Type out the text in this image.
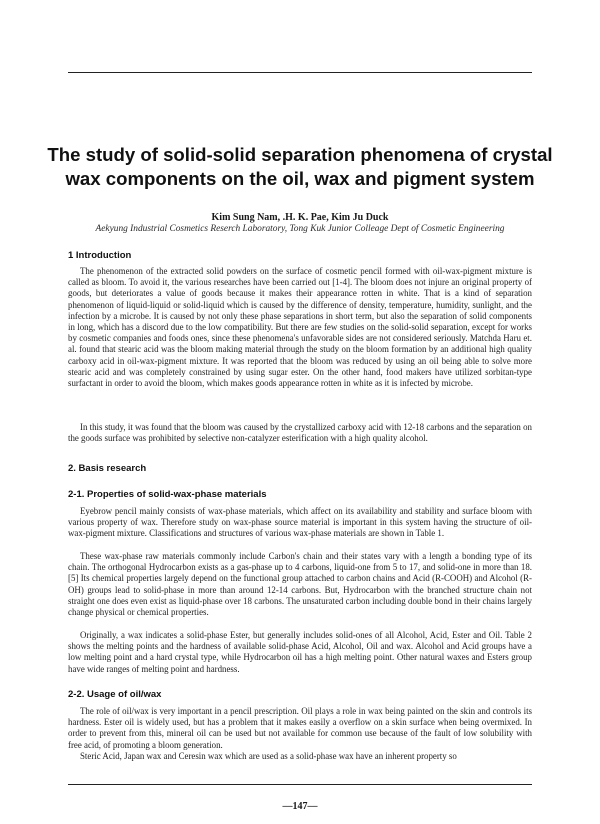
The study of solid-solid separation phenomena of crystal
wax components on the oil, wax and pigment system

Kim Sung Nam, .H. K. Pae, Kim Ju Duck

Aekyung Industrial Cosmetics Reserch Laboratory, Tong Kuk Junior Colleage Dept of Cosmetic Engineering

1 Introduction

The phenomenon of the extracted solid powders on the surface of cosmetic pencil formed with oil-wax-pigment mixture is called as bloom. To avoid it, the various researches have been carried out [1-4]. The bloom does not injure an original property of goods, but deteriorates a value of goods because it makes their appearance rotten in white. That is a kind of separation phenomenon of liquid-liquid or solid-liquid which is caused by the difference of density, temperature, humidity, sunlight, and the infection by a microbe. It is caused by not only these phase separations in short term, but also the separation of solid components in long, which has a discord due to the low compatibility. But there are few studies on the solid-solid separation, except for works by cosmetic companies and foods ones, since these phenomena's unfavorable sides are not considered seriously. Matchda Haru et. al. found that stearic acid was the bloom making material through the study on the bloom formation by an additional high quality carboxy acid in oil-wax-pigment mixture. It was reported that the bloom was reduced by using an oil being able to solve more stearic acid and was completely constrained by using sugar ester. On the other hand, food makers have utilized sorbitan-type surfactant in order to avoid the bloom, which makes goods appearance rotten in white as it is infected by microbe.

In this study, it was found that the bloom was caused by the crystallized carboxy acid with 12-18 carbons and the separation on the goods surface was prohibited by selective non-catalyzer esterification with a high quality alcohol.

2. Basis research
2-1. Properties of solid-wax-phase materials

Eyebrow pencil mainly consists of wax-phase materials, which affect on its availability and stability and surface bloom with various property of wax. Therefore study on wax-phase source material is important in this system having the structure of oil-wax-pigment mixture. Classifications and structures of various wax-phase materials are shown in Table 1.

These wax-phase raw materials commonly include Carbon's chain and their states vary with a length a bonding type of its chain. The orthogonal Hydrocarbon exists as a gas-phase up to 4 carbons, liquid-one from 5 to 17, and solid-one in more than 18. [5] Its chemical properties largely depend on the functional group attached to carbon chains and Acid (R-COOH) and Alcohol (R-OH) groups lead to solid-phase in more than around 12-14 carbons. But, Hydrocarbon with the branched structure chain not straight one does even exist as liquid-phase over 18 carbons. The unsaturated carbon including double bond in their chains largely change physical or chemical properties.

Originally, a wax indicates a solid-phase Ester, but generally includes solid-ones of all Alcohol, Acid, Ester and Oil. Table 2 shows the melting points and the hardness of available solid-phase Acid, Alcohol, Oil and wax. Alcohol and Acid groups have a low melting point and a hard crystal type, while Hydrocarbon oil has a high melting point. Other natural waxes and Esters group have wide ranges of melting point and hardness.

2-2. Usage of oil/wax

The role of oil/wax is very important in a pencil prescription. Oil plays a role in wax being painted on the skin and controls its hardness. Ester oil is widely used, but has a problem that it makes easily a overflow on a skin surface when being overmixed. In order to prevent from this, mineral oil can be used but not available for common use because of the fault of low solubility with free acid, of promoting a bloom generation.

Steric Acid, Japan wax and Ceresin wax which are used as a solid-phase wax have an inherent property so

—147—
